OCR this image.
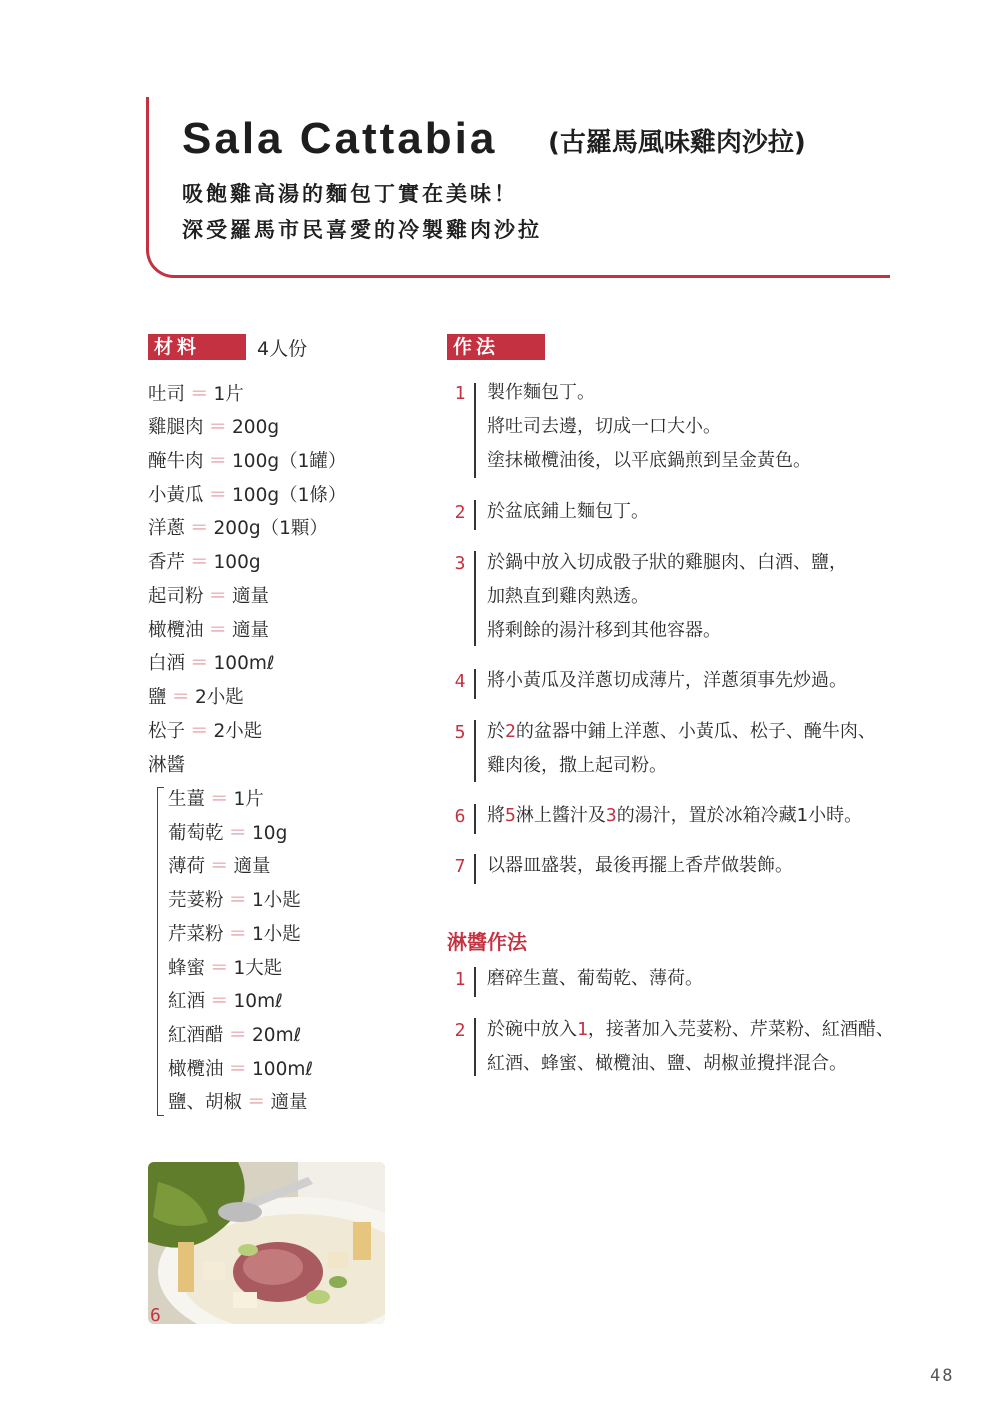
Sala Cattabia (古羅馬風味雞肉沙拉)
吸飽雞高湯的麵包丁實在美味！
深受羅馬市民喜愛的冷製雞肉沙拉
材料	4人份
吐司 ＝ 1片
雞腿肉 ＝ 200g
醃牛肉 ＝ 100g（1罐）
小黃瓜 ＝ 100g（1條）
洋蔥 ＝ 200g（1顆）
香芹 ＝ 100g
起司粉 ＝ 適量
橄欖油 ＝ 適量
白酒 ＝ 100mℓ
鹽 ＝ 2小匙
松子 ＝ 2小匙
淋醬
生薑 ＝ 1片
葡萄乾 ＝ 10g
薄荷 ＝ 適量
芫荽粉 ＝ 1小匙
芹菜粉 ＝ 1小匙
蜂蜜 ＝ 1大匙
紅酒 ＝ 10mℓ
紅酒醋 ＝ 20mℓ
橄欖油 ＝ 100mℓ
鹽、胡椒 ＝ 適量
作法
1	製作麵包丁。
將吐司去邊，切成一口大小。
塗抹橄欖油後，以平底鍋煎到呈金黃色。
2	於盆底鋪上麵包丁。
3	於鍋中放入切成骰子狀的雞腿肉、白酒、鹽，
加熱直到雞肉熟透。
將剩餘的湯汁移到其他容器。
4	將小黃瓜及洋蔥切成薄片，洋蔥須事先炒過。
5	於2的盆器中鋪上洋蔥、小黃瓜、松子、醃牛肉、
雞肉後，撒上起司粉。
6	將5淋上醬汁及3的湯汁，置於冰箱冷藏1小時。
7	以器皿盛裝，最後再擺上香芹做裝飾。
淋醬作法
1	磨碎生薑、葡萄乾、薄荷。
2	於碗中放入1，接著加入芫荽粉、芹菜粉、紅酒醋、
紅酒、蜂蜜、橄欖油、鹽、胡椒並攪拌混合。
6
48
